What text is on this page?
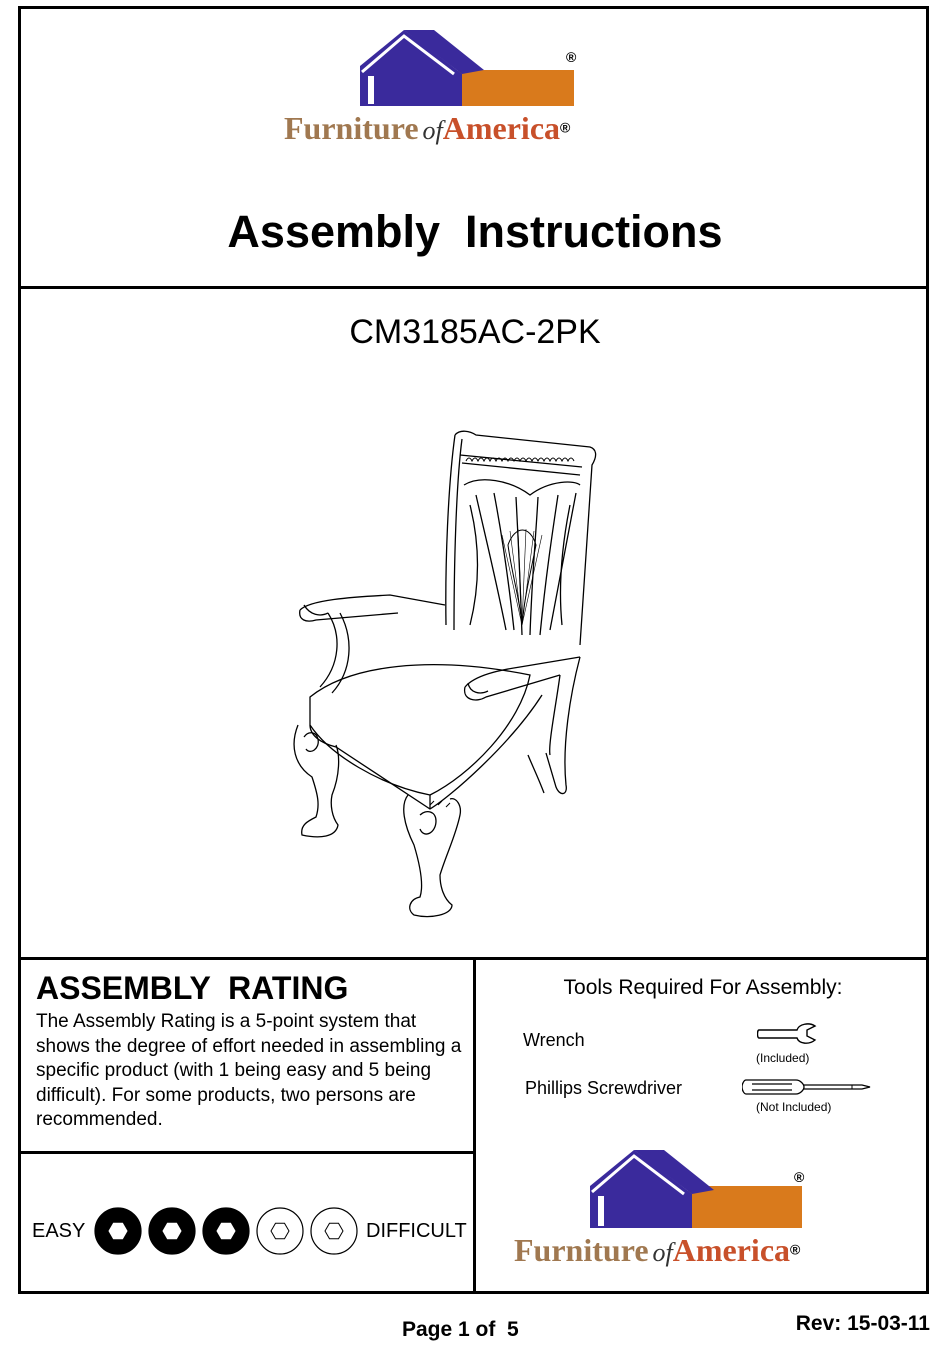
®
Furniture ofAmerica®
Assembly  Instructions
CM3185AC-2PK
ASSEMBLY  RATING
The Assembly Rating is a 5-point system that shows the degree of effort needed in assembling a specific product (with 1 being easy and 5 being difficult). For some products, two persons are recommended.
EASY	DIFFICULT
Tools Required For Assembly:
Wrench
(Included)
Phillips Screwdriver
(Not Included)
®
Furniture ofAmerica®
Page 1 of  5	Rev: 15-03-11
